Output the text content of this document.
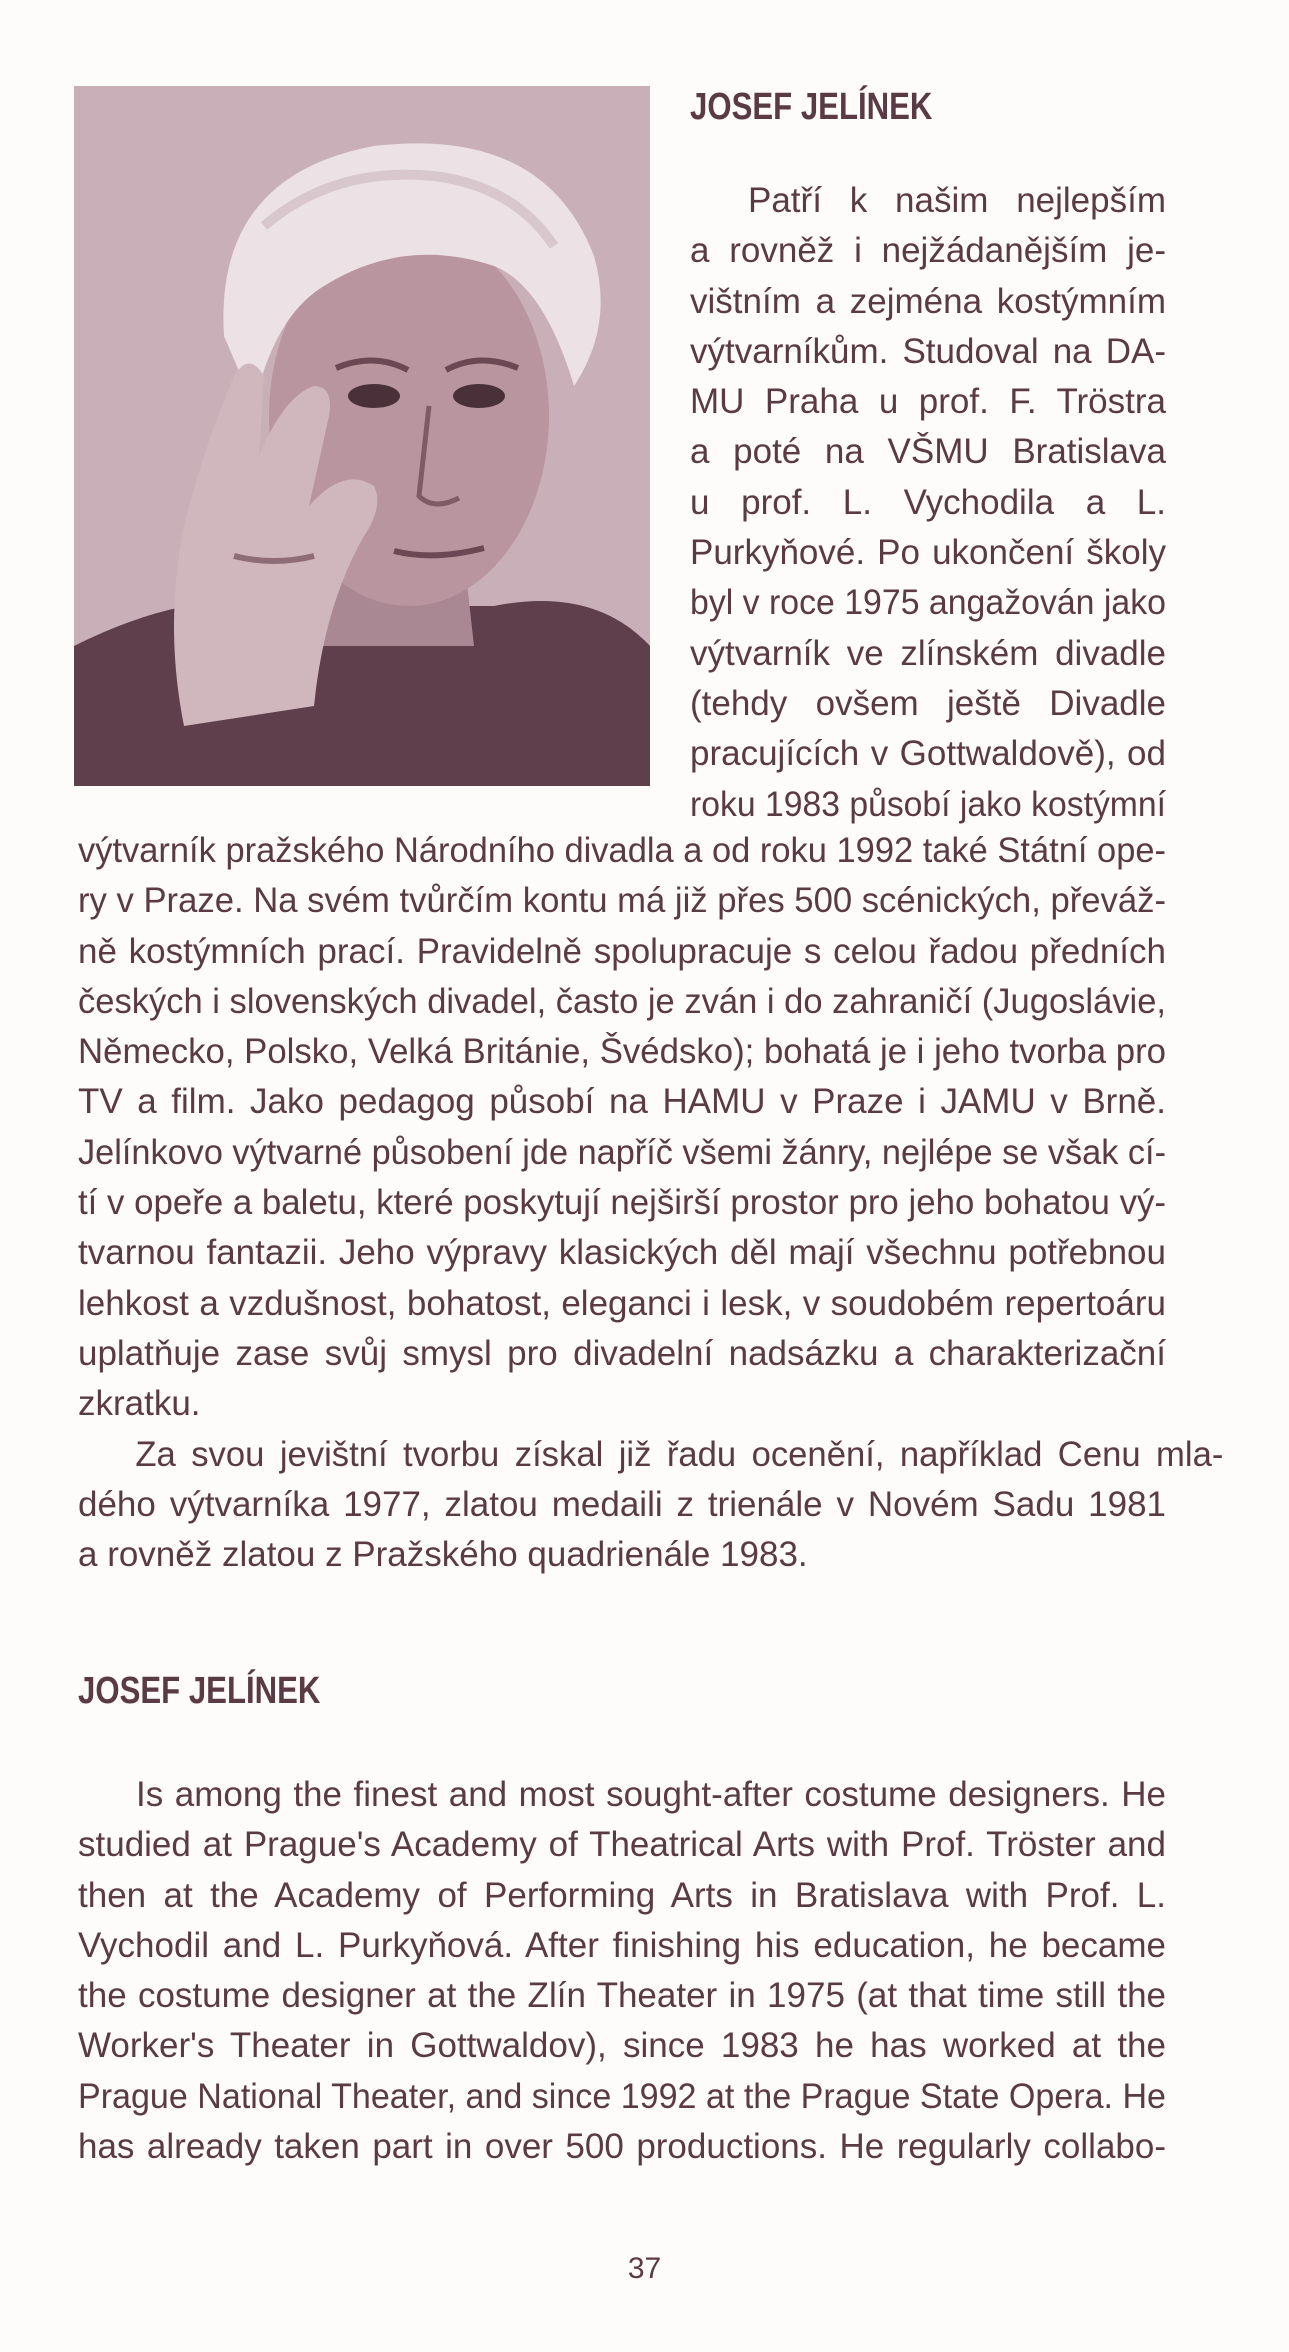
JOSEF JELÍNEK
Patří k našim nejlepším
a rovněž i nejžádanějším je-
vištním a zejména kostýmním
výtvarníkům. Studoval na DA-
MU Praha u prof. F. Tröstra
a poté na VŠMU Bratislava
u prof. L. Vychodila a L.
Purkyňové. Po ukončení školy
byl v roce 1975 angažován jako
výtvarník ve zlínském divadle
(tehdy ovšem ještě Divadle
pracujících v Gottwaldově), od
roku 1983 působí jako kostýmní
výtvarník pražského Národního divadla a od roku 1992 také Státní ope-
ry v Praze. Na svém tvůrčím kontu má již přes 500 scénických, převáž-
ně kostýmních prací. Pravidelně spolupracuje s celou řadou předních
českých i slovenských divadel, často je zván i do zahraničí (Jugoslávie,
Německo, Polsko, Velká Británie, Švédsko); bohatá je i jeho tvorba pro
TV a film. Jako pedagog působí na HAMU v Praze i JAMU v Brně.
Jelínkovo výtvarné působení jde napříč všemi žánry, nejlépe se však cí-
tí v opeře a baletu, které poskytují nejširší prostor pro jeho bohatou vý-
tvarnou fantazii. Jeho výpravy klasických děl mají všechnu potřebnou
lehkost a vzdušnost, bohatost, eleganci i lesk, v soudobém repertoáru
uplatňuje zase svůj smysl pro divadelní nadsázku a charakterizační
zkratku.
Za svou jevištní tvorbu získal již řadu ocenění, například Cenu mla-
dého výtvarníka 1977, zlatou medaili z trienále v Novém Sadu 1981
a rovněž zlatou z Pražského quadrienále 1983.
JOSEF JELÍNEK
Is among the finest and most sought-after costume designers. He
studied at Prague's Academy of Theatrical Arts with Prof. Tröster and
then at the Academy of Performing Arts in Bratislava with Prof. L.
Vychodil and L. Purkyňová. After finishing his education, he became
the costume designer at the Zlín Theater in 1975 (at that time still the
Worker's Theater in Gottwaldov), since 1983 he has worked at the
Prague National Theater, and since 1992 at the Prague State Opera. He
has already taken part in over 500 productions. He regularly collabo-
37
